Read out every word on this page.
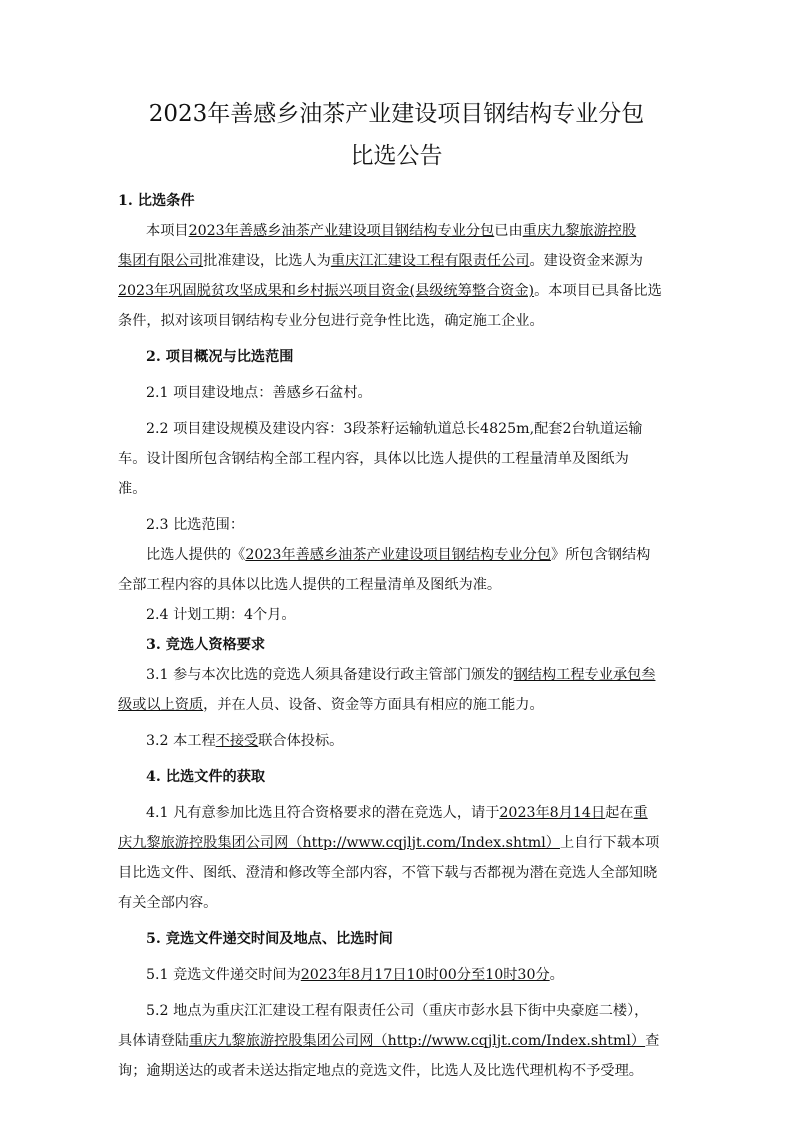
2023年善感乡油茶产业建设项目钢结构专业分包
比选公告

1. 比选条件

本项目2023年善感乡油茶产业建设项目钢结构专业分包已由重庆九黎旅游控股

集团有限公司批准建设，比选人为重庆江汇建设工程有限责任公司。建设资金来源为

2023年巩固脱贫攻坚成果和乡村振兴项目资金(县级统筹整合资金)。本项目已具备比选

条件，拟对该项目钢结构专业分包进行竞争性比选，确定施工企业。

2. 项目概况与比选范围

2.1 项目建设地点：善感乡石盆村。

2.2 项目建设规模及建设内容：3段茶籽运输轨道总长4825m,配套2台轨道运输

车。设计图所包含钢结构全部工程内容，具体以比选人提供的工程量清单及图纸为

准。

2.3 比选范围：

比选人提供的《2023年善感乡油茶产业建设项目钢结构专业分包》所包含钢结构

全部工程内容的具体以比选人提供的工程量清单及图纸为准。

2.4 计划工期：4个月。

3. 竞选人资格要求

3.1 参与本次比选的竞选人须具备建设行政主管部门颁发的钢结构工程专业承包叁

级或以上资质，并在人员、设备、资金等方面具有相应的施工能力。

3.2 本工程不接受联合体投标。

4. 比选文件的获取

4.1 凡有意参加比选且符合资格要求的潜在竞选人，请于2023年8月14日起在重

庆九黎旅游控股集团公司网（http://www.cqjljt.com/Index.shtml）上自行下载本项

目比选文件、图纸、澄清和修改等全部内容，不管下载与否都视为潜在竞选人全部知晓

有关全部内容。

5. 竞选文件递交时间及地点、比选时间

5.1 竞选文件递交时间为2023年8月17日10时00分至10时30分。

5.2 地点为重庆江汇建设工程有限责任公司（重庆市彭水县下街中央豪庭二楼），

具体请登陆重庆九黎旅游控股集团公司网（http://www.cqjljt.com/Index.shtml）查

询；逾期送达的或者未送达指定地点的竞选文件，比选人及比选代理机构不予受理。
